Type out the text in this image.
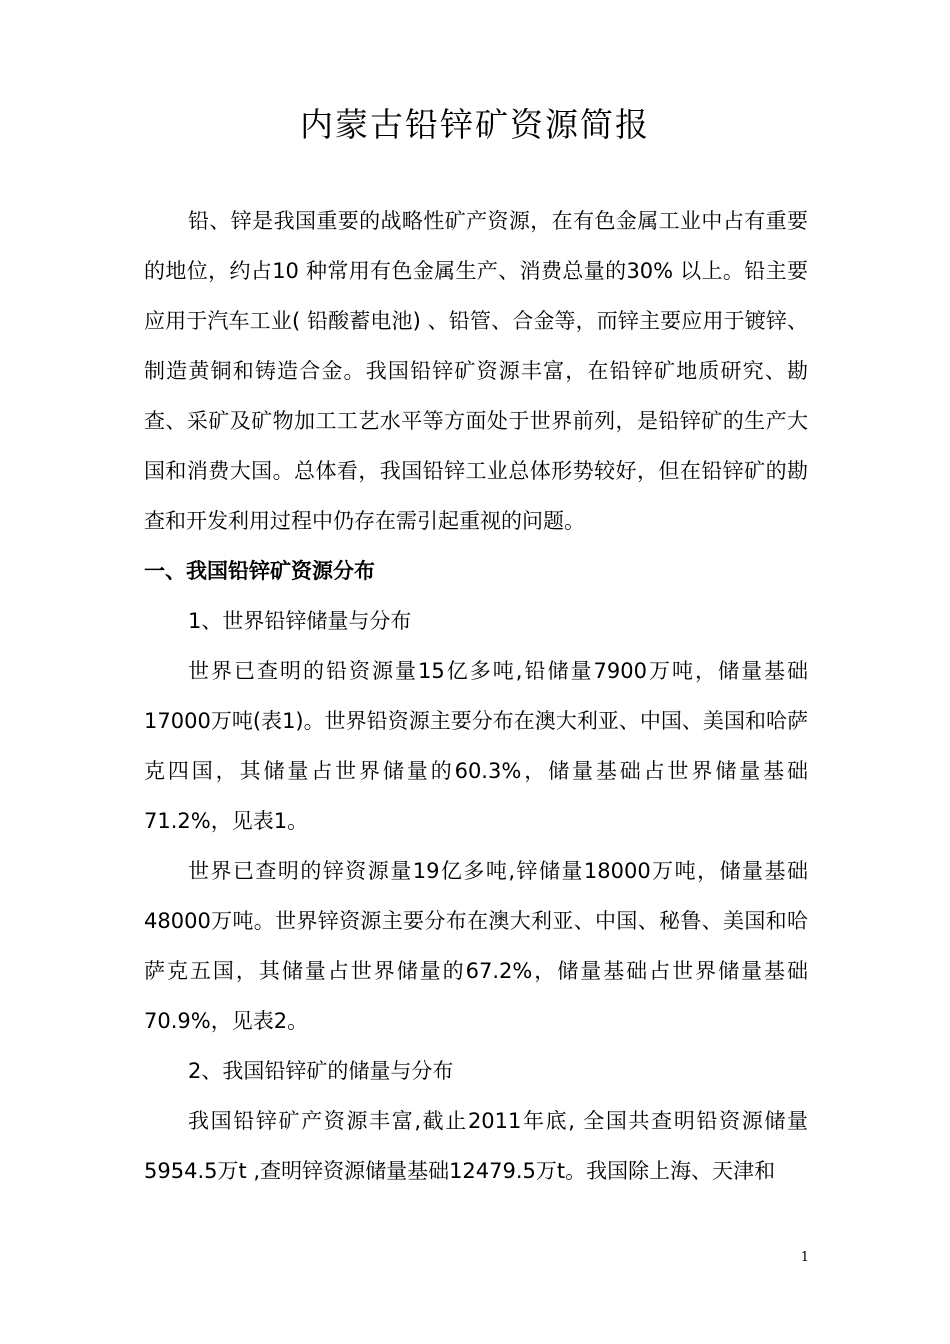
内蒙古铅锌矿资源简报

铅、锌是我国重要的战略性矿产资源，在有色金属工业中占有重要的地位，约占10 种常用有色金属生产、消费总量的30% 以上。铅主要应用于汽车工业( 铅酸蓄电池) 、铅管、合金等，而锌主要应用于镀锌、制造黄铜和铸造合金。我国铅锌矿资源丰富，在铅锌矿地质研究、勘查、采矿及矿物加工工艺水平等方面处于世界前列，是铅锌矿的生产大国和消费大国。总体看，我国铅锌工业总体形势较好，但在铅锌矿的勘查和开发利用过程中仍存在需引起重视的问题。

一、我国铅锌矿资源分布

1、世界铅锌储量与分布

世界已查明的铅资源量15亿多吨,铅储量7900万吨，储量基础17000万吨(表1)。世界铅资源主要分布在澳大利亚、中国、美国和哈萨克四国，其储量占世界储量的60.3%，储量基础占世界储量基础71.2%，见表1。

世界已查明的锌资源量19亿多吨,锌储量18000万吨，储量基础48000万吨。世界锌资源主要分布在澳大利亚、中国、秘鲁、美国和哈萨克五国，其储量占世界储量的67.2%，储量基础占世界储量基础70.9%，见表2。

2、我国铅锌矿的储量与分布

我国铅锌矿产资源丰富,截止2011年底, 全国共查明铅资源储量5954.5万t ,查明锌资源储量基础12479.5万t。我国除上海、天津和

1
